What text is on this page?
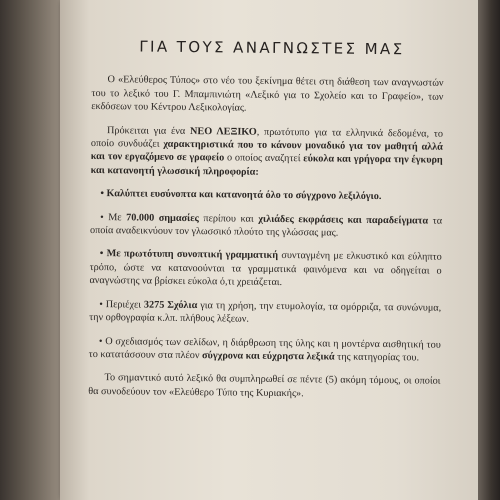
ΓΙΑ ΤΟΥΣ ΑΝΑΓΝΩΣΤΕΣ ΜΑΣ

Ο «Ελεύθερος Τύπος» στο νέο του ξεκίνημα θέτει στη διάθεση των αναγνωστών του το λεξικό του Γ. Μπαμπινιώτη «Λεξικό για το Σχολείο και το Γραφείο», των εκδόσεων του Κέντρου Λεξικολογίας.

Πρόκειται για ένα ΝΕΟ ΛΕΞΙΚΟ, πρωτότυπο για τα ελληνικά δεδομένα, το οποίο συνδυάζει χαρακτηριστικά που το κάνουν μοναδικό για τον μαθητή αλλά και τον εργαζόμενο σε γραφείο ο οποίος αναζητεί εύκολα και γρήγορα την έγκυρη και κατανοητή γλωσσική πληροφορία:

• Καλύπτει ευσύνοπτα και κατανοητά όλο το σύγχρονο λεξιλόγιο.

• Με 70.000 σημασίες περίπου και χιλιάδες εκφράσεις και παραδείγματα τα οποία αναδεικνύουν τον γλωσσικό πλούτο της γλώσσας μας.

• Με πρωτότυπη συνοπτική γραμματική συνταγμένη με ελκυστικό και εύληπτο τρόπο, ώστε να κατανοούνται τα γραμματικά φαινόμενα και να οδηγείται ο αναγνώστης να βρίσκει εύκολα ό,τι χρειάζεται.

• Περιέχει 3275 Σχόλια για τη χρήση, την ετυμολογία, τα ομόρριζα, τα συνώνυμα, την ορθογραφία κ.λπ. πλήθους λέξεων.

• Ο σχεδιασμός των σελίδων, η διάρθρωση της ύλης και η μοντέρνα αισθητική του το κατατάσσουν στα πλέον σύγχρονα και εύχρηστα λεξικά της κατηγορίας του.

Το σημαντικό αυτό λεξικό θα συμπληρωθεί σε πέντε (5) ακόμη τόμους, οι οποίοι θα συνοδεύουν τον «Ελεύθερο Τύπο της Κυριακής».
